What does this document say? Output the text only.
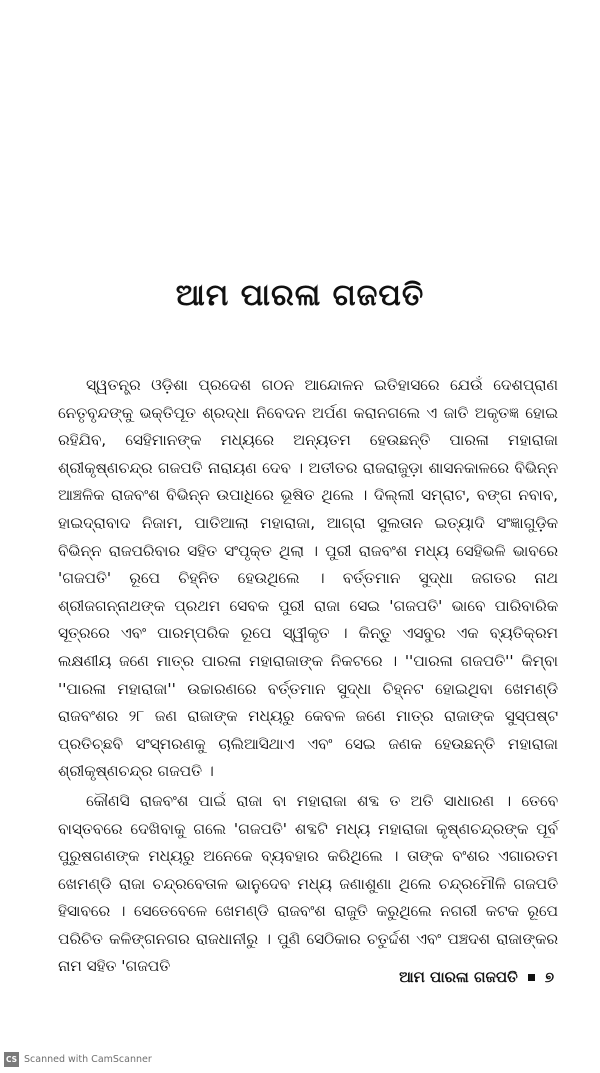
ଆମ ପାରଳା ଗଜପତି

ସ୍ୱତନ୍ତ୍ର ଓଡ଼ିଶା ପ୍ରଦେଶ ଗଠନ ଆନ୍ଦୋଳନ ଇତିହାସରେ ଯେଉଁ ଦେଶପ୍ରାଣ ନେତୃବୃନ୍ଦଙ୍କୁ ଭକ୍ତିପୂତ ଶ୍ରଦ୍ଧା ନିବେଦନ ଅର୍ପଣ କରାନଗଲେ ଏ ଜାତି ଅକୃତଜ୍ଞ ହୋଇ ରହିଯିବ, ସେହିମାନଙ୍କ ମଧ୍ୟରେ ଅନ୍ୟତମ ହେଉଛନ୍ତି ପାରଳା ମହାରାଜା ଶ୍ରୀକୃଷ୍ଣଚନ୍ଦ୍ର ଗଜପତି ନାରାୟଣ ଦେବ । ଅତୀତର ରାଜରାଜୁଡ଼ା ଶାସନକାଳରେ ବିଭିନ୍ନ ଆଞ୍ଚଳିକ ରାଜବଂଶ ବିଭିନ୍ନ ଉପାଧିରେ ଭୂଷିତ ଥିଲେ । ଦିଲ୍ଲୀ ସମ୍ରାଟ, ବଙ୍ଗ ନବାବ, ହାଇଦ୍ରାବାଦ ନିଜାମ, ପାତିଆଲା ମହାରାଜା, ଆଗ୍ରା ସୁଲତାନ ଇତ୍ୟାଦି ସଂଜ୍ଞାଗୁଡ଼ିକ ବିଭିନ୍ନ ରାଜପରିବାର ସହିତ ସଂପୃକ୍ତ ଥିଲା । ପୁରୀ ରାଜବଂଶ ମଧ୍ୟ ସେହିଭଳି ଭାବରେ 'ଗଜପତି' ରୂପେ ଚିହ୍ନିତ ହେଉଥିଲେ । ବର୍ତ୍ତମାନ ସୁଦ୍ଧା ଜଗତର ନାଥ ଶ୍ରୀଜଗନ୍ନାଥଙ୍କ ପ୍ରଥମ ସେବକ ପୁରୀ ରାଜା ସେଇ 'ଗଜପତି' ଭାବେ ପାରିବାରିକ ସୂତ୍ରରେ ଏବଂ ପାରମ୍ପରିକ ରୂପେ ସ୍ୱୀକୃତ । କିନ୍ତୁ ଏସବୁର ଏକ ବ୍ୟତିକ୍ରମ ଲକ୍ଷଣୀୟ ଜଣେ ମାତ୍ର ପାରଳା ମହାରାଜାଙ୍କ ନିକଟରେ । ''ପାରଳା ଗଜପତି'' କିମ୍ବା ''ପାରଳା ମହାରାଜା'' ଉଚ୍ଚାରଣରେ ବର୍ତ୍ତମାନ ସୁଦ୍ଧା ଚିହ୍ନଟ ହୋଇଥିବା ଖେମଣ୍ଡି ରାଜବଂଶର ୨୮ ଜଣ ରାଜାଙ୍କ ମଧ୍ୟରୁ କେବଳ ଜଣେ ମାତ୍ର ରାଜାଙ୍କ ସୁସ୍ପଷ୍ଟ ପ୍ରତିଚ୍ଛବି ସଂସ୍ମରଣକୁ ଚାଲିଆସିଥାଏ ଏବଂ ସେଇ ଜଣକ ହେଉଛନ୍ତି ମହାରାଜା ଶ୍ରୀକୃଷ୍ଣଚନ୍ଦ୍ର ଗଜପତି ।

କୌଣସି ରାଜବଂଶ ପାଇଁ ରାଜା ବା ମହାରାଜା ଶବ୍ଦ ତ ଅତି ସାଧାରଣ । ତେବେ ବାସ୍ତବରେ ଦେଖିବାକୁ ଗଲେ 'ଗଜପତି' ଶବ୍ଦଟି ମଧ୍ୟ ମହାରାଜା କୃଷ୍ଣଚନ୍ଦ୍ରଙ୍କ ପୂର୍ବ ପୁରୁଷଗଣଙ୍କ ମଧ୍ୟରୁ ଅନେକେ ବ୍ୟବହାର କରିଥିଲେ । ତାଙ୍କ ବଂଶର ଏଗାରତମ ଖେମଣ୍ଡି ରାଜା ଚନ୍ଦ୍ରବେତାଳ ଭାନୁଦେବ ମଧ୍ୟ ଜଣାଶୁଣା ଥିଲେ ଚନ୍ଦ୍ରମୌଳି ଗଜପତି ହିସାବରେ । ସେତେବେଳେ ଖେମଣ୍ଡି ରାଜବଂଶ ରାଜୁତି କରୁଥିଲେ ନଗରୀ କଟକ ରୂପେ ପରିଚିତ କଳିଙ୍ଗନଗର ରାଜଧାନୀରୁ । ପୁଣି ସେଠିକାର ଚତୁର୍ଦ୍ଦଶ ଏବଂ ପଞ୍ଚଦଶ ରାଜାଙ୍କର ନାମ ସହିତ 'ଗଜପତି

ଆମ ପାରଳା ଗଜପତି ୭
CS Scanned with CamScanner
